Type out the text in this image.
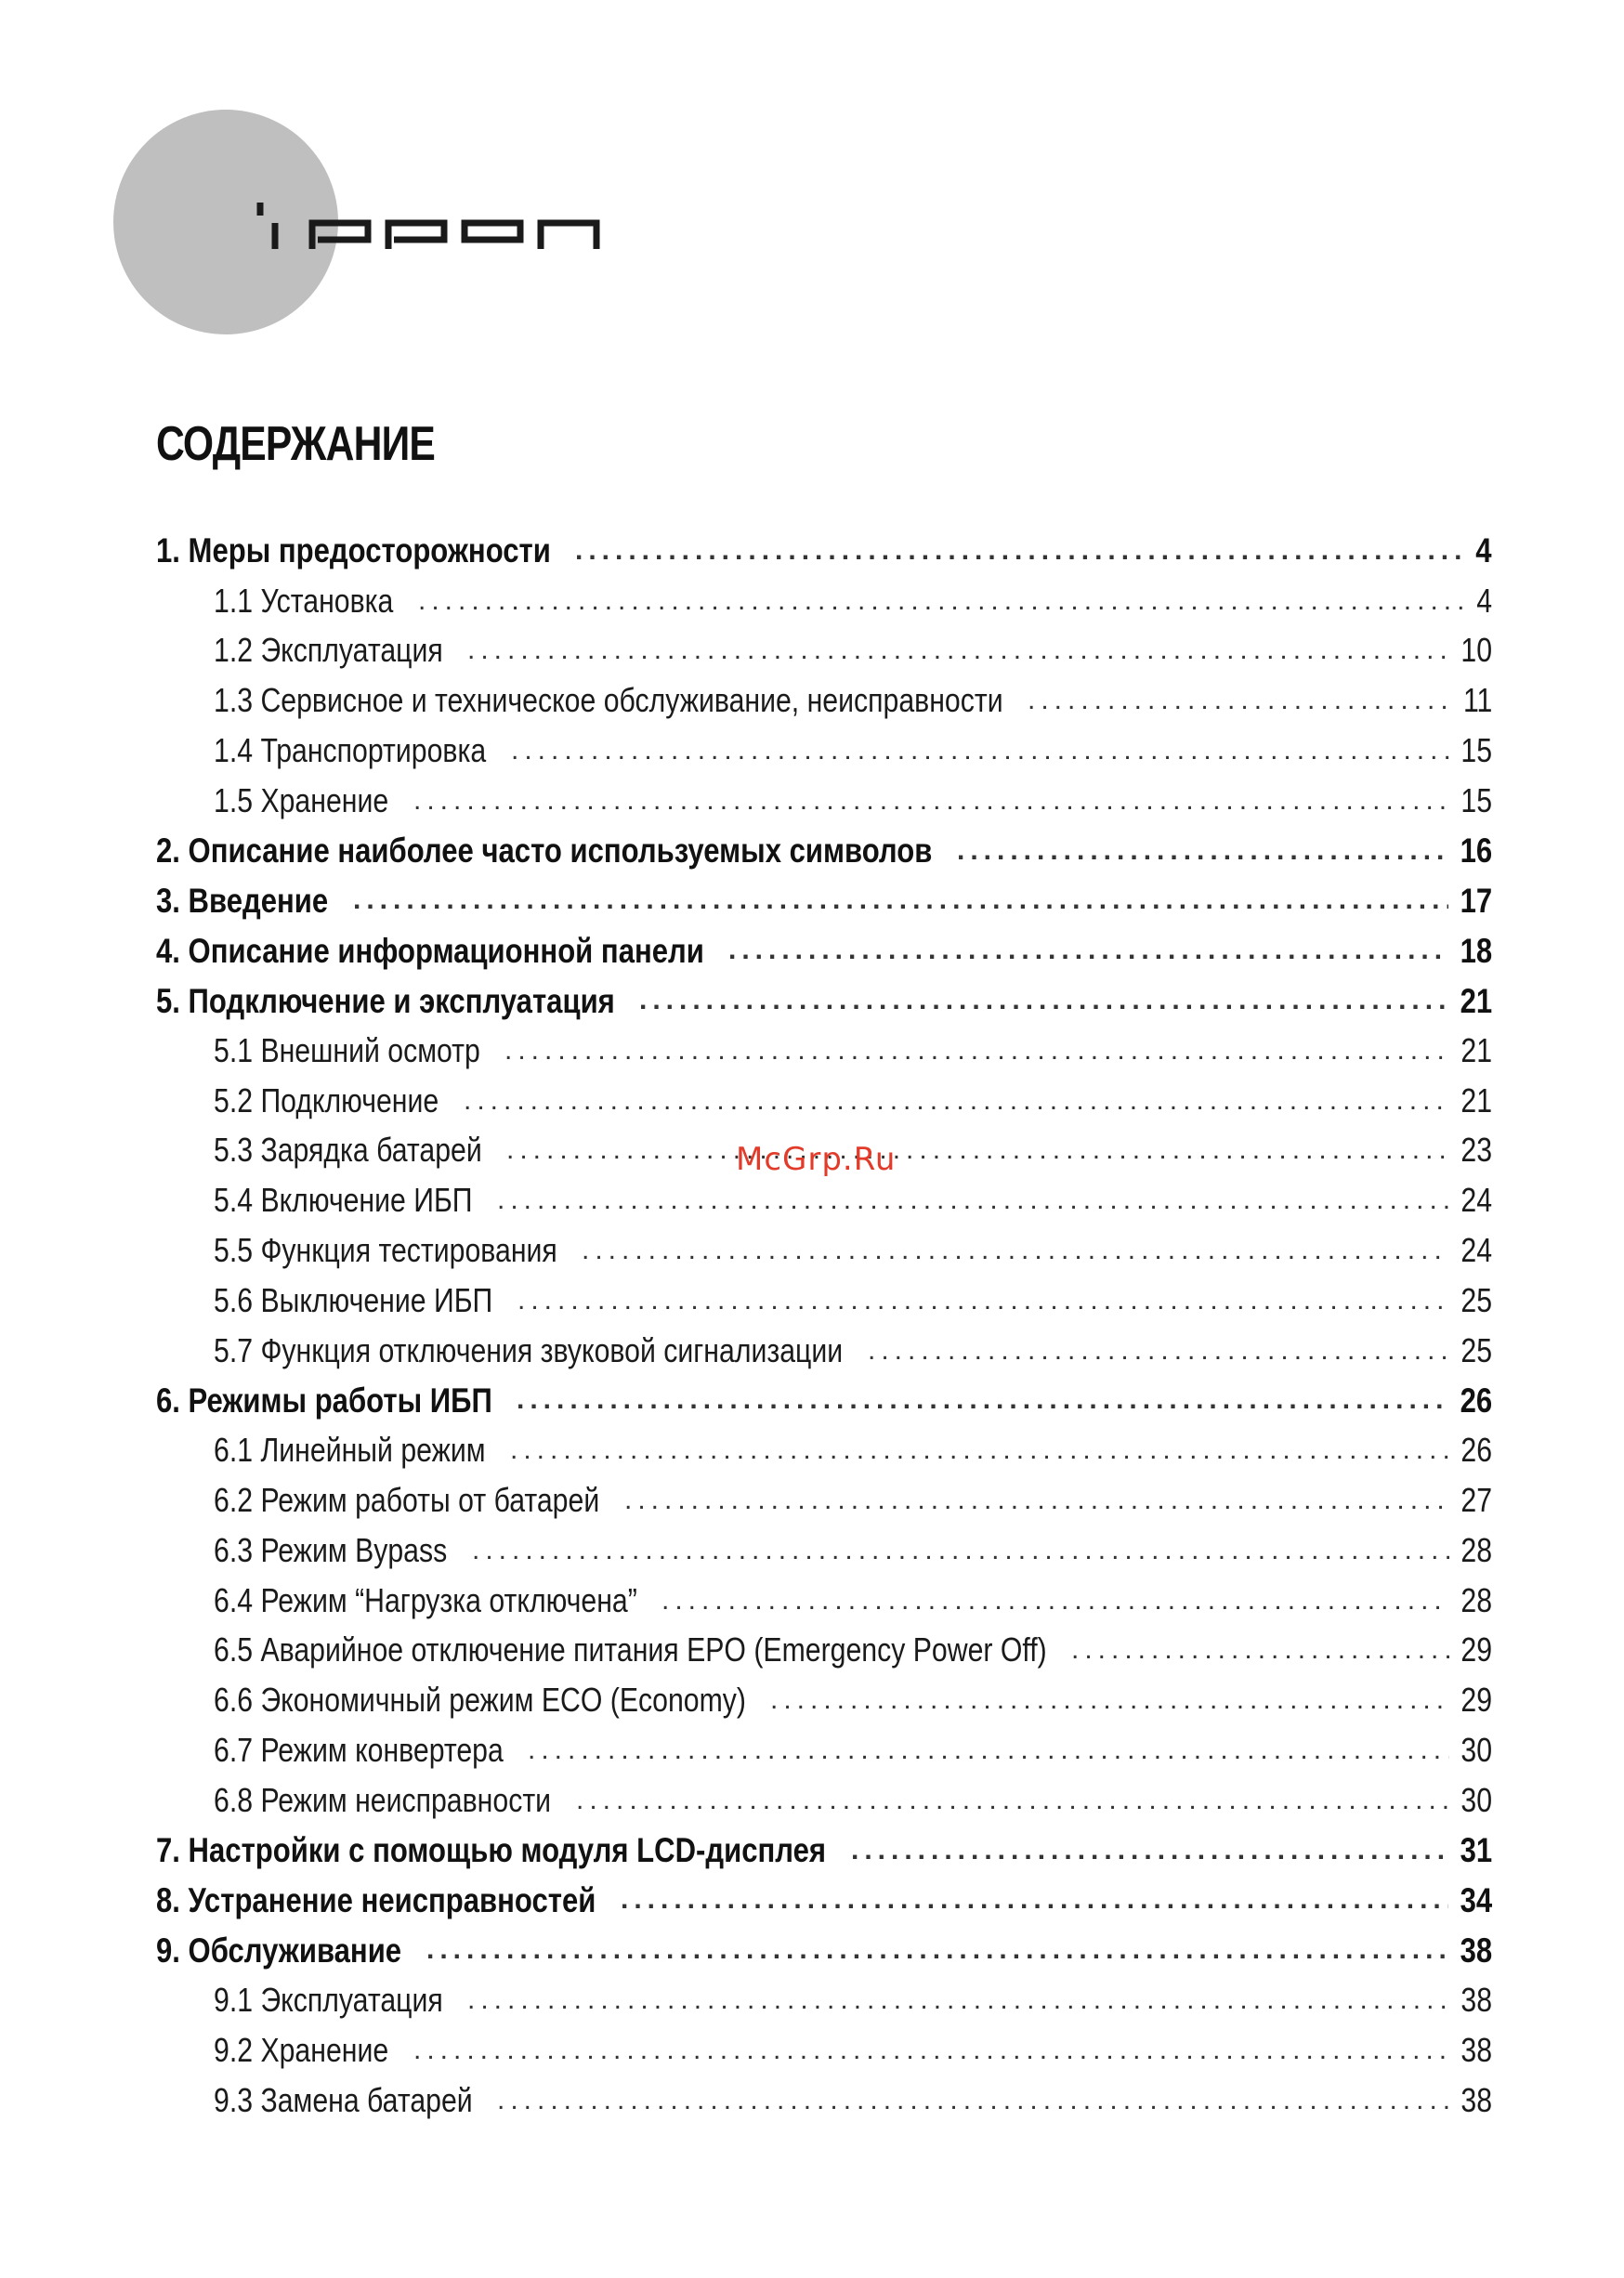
ippon
СОДЕРЖАНИЕ
1. Меры предосторожности .....	4
1.1 Установка .....	4
1.2 Эксплуатация .....	10
1.3 Сервисное и техническое обслуживание, неисправности .....	11
1.4 Транспортировка .....	15
1.5 Хранение .....	15
2. Описание наиболее часто используемых символов .....	16
3. Введение .....	17
4. Описание информационной панели .....	18
5. Подключение и эксплуатация .....	21
5.1 Внешний осмотр .....	21
5.2 Подключение .....	21
5.3 Зарядка батарей .....	23
5.4 Включение ИБП .....	24
5.5 Функция тестирования .....	24
5.6 Выключение ИБП .....	25
5.7 Функция отключения звуковой сигнализации .....	25
6. Режимы работы ИБП .....	26
6.1 Линейный режим .....	26
6.2 Режим работы от батарей .....	27
6.3 Режим Bypass .....	28
6.4 Режим “Нагрузка отключена” .....	28
6.5 Аварийное отключение питания EPO (Emergency Power Off) .....	29
6.6 Экономичный режим ECO (Economy) .....	29
6.7 Режим конвертера .....	30
6.8 Режим неисправности .....	30
7. Настройки с помощью модуля LCD-дисплея .....	31
8. Устранение неисправностей .....	34
9. Обслуживание .....	38
9.1 Эксплуатация .....	38
9.2 Хранение .....	38
9.3 Замена батарей .....	38
McGrp.Ru
